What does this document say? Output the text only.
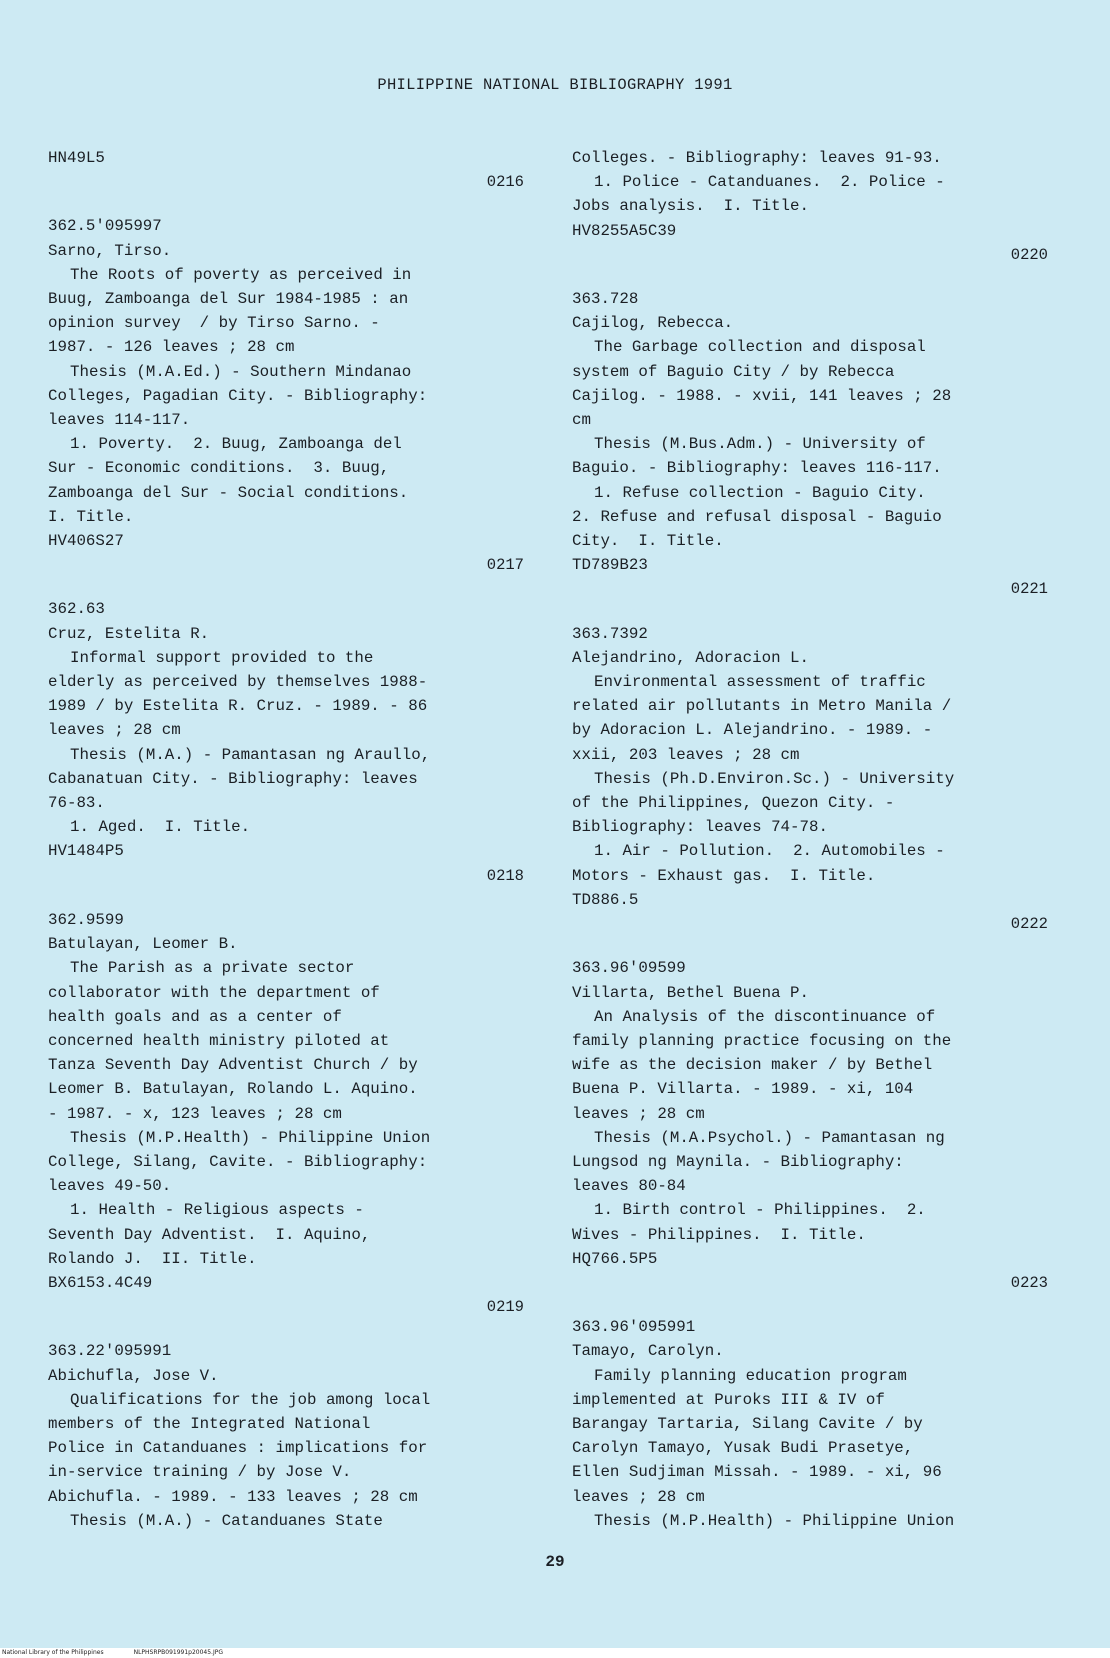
PHILIPPINE NATIONAL BIBLIOGRAPHY 1991
HN49L5
0216
362.5'095997
Sarno, Tirso.
The Roots of poverty as perceived in
Buug, Zamboanga del Sur 1984-1985 : an
opinion survey  / by Tirso Sarno. -
1987. - 126 leaves ; 28 cm
Thesis (M.A.Ed.) - Southern Mindanao
Colleges, Pagadian City. - Bibliography:
leaves 114-117.
1. Poverty.  2. Buug, Zamboanga del
Sur - Economic conditions.  3. Buug,
Zamboanga del Sur - Social conditions.
I. Title.
HV406S27
0217
362.63
Cruz, Estelita R.
Informal support provided to the
elderly as perceived by themselves 1988-
1989 / by Estelita R. Cruz. - 1989. - 86
leaves ; 28 cm
Thesis (M.A.) - Pamantasan ng Araullo,
Cabanatuan City. - Bibliography: leaves
76-83.
1. Aged.  I. Title.
HV1484P5
0218
362.9599
Batulayan, Leomer B.
The Parish as a private sector
collaborator with the department of
health goals and as a center of
concerned health ministry piloted at
Tanza Seventh Day Adventist Church / by
Leomer B. Batulayan, Rolando L. Aquino.
- 1987. - x, 123 leaves ; 28 cm
Thesis (M.P.Health) - Philippine Union
College, Silang, Cavite. - Bibliography:
leaves 49-50.
1. Health - Religious aspects -
Seventh Day Adventist.  I. Aquino,
Rolando J.  II. Title.
BX6153.4C49
0219
363.22'095991
Abichufla, Jose V.
Qualifications for the job among local
members of the Integrated National
Police in Catanduanes : implications for
in-service training / by Jose V.
Abichufla. - 1989. - 133 leaves ; 28 cm
Thesis (M.A.) - Catanduanes State
Colleges. - Bibliography: leaves 91-93.
1. Police - Catanduanes.  2. Police -
Jobs analysis.  I. Title.
HV8255A5C39
0220
363.728
Cajilog, Rebecca.
The Garbage collection and disposal
system of Baguio City / by Rebecca
Cajilog. - 1988. - xvii, 141 leaves ; 28
cm
Thesis (M.Bus.Adm.) - University of
Baguio. - Bibliography: leaves 116-117.
1. Refuse collection - Baguio City.
2. Refuse and refusal disposal - Baguio
City.  I. Title.
TD789B23
0221
363.7392
Alejandrino, Adoracion L.
Environmental assessment of traffic
related air pollutants in Metro Manila /
by Adoracion L. Alejandrino. - 1989. -
xxii, 203 leaves ; 28 cm
Thesis (Ph.D.Environ.Sc.) - University
of the Philippines, Quezon City. -
Bibliography: leaves 74-78.
1. Air - Pollution.  2. Automobiles -
Motors - Exhaust gas.  I. Title.
TD886.5
0222
363.96'09599
Villarta, Bethel Buena P.
An Analysis of the discontinuance of
family planning practice focusing on the
wife as the decision maker / by Bethel
Buena P. Villarta. - 1989. - xi, 104
leaves ; 28 cm
Thesis (M.A.Psychol.) - Pamantasan ng
Lungsod ng Maynila. - Bibliography:
leaves 80-84
1. Birth control - Philippines.  2.
Wives - Philippines.  I. Title.
HQ766.5P5
0223
363.96'095991
Tamayo, Carolyn.
Family planning education program
implemented at Puroks III & IV of
Barangay Tartaria, Silang Cavite / by
Carolyn Tamayo, Yusak Budi Prasetye,
Ellen Sudjiman Missah. - 1989. - xi, 96
leaves ; 28 cm
Thesis (M.P.Health) - Philippine Union
29
National Library of the Philippines	NLPHSRPB091991p20045.JPG
